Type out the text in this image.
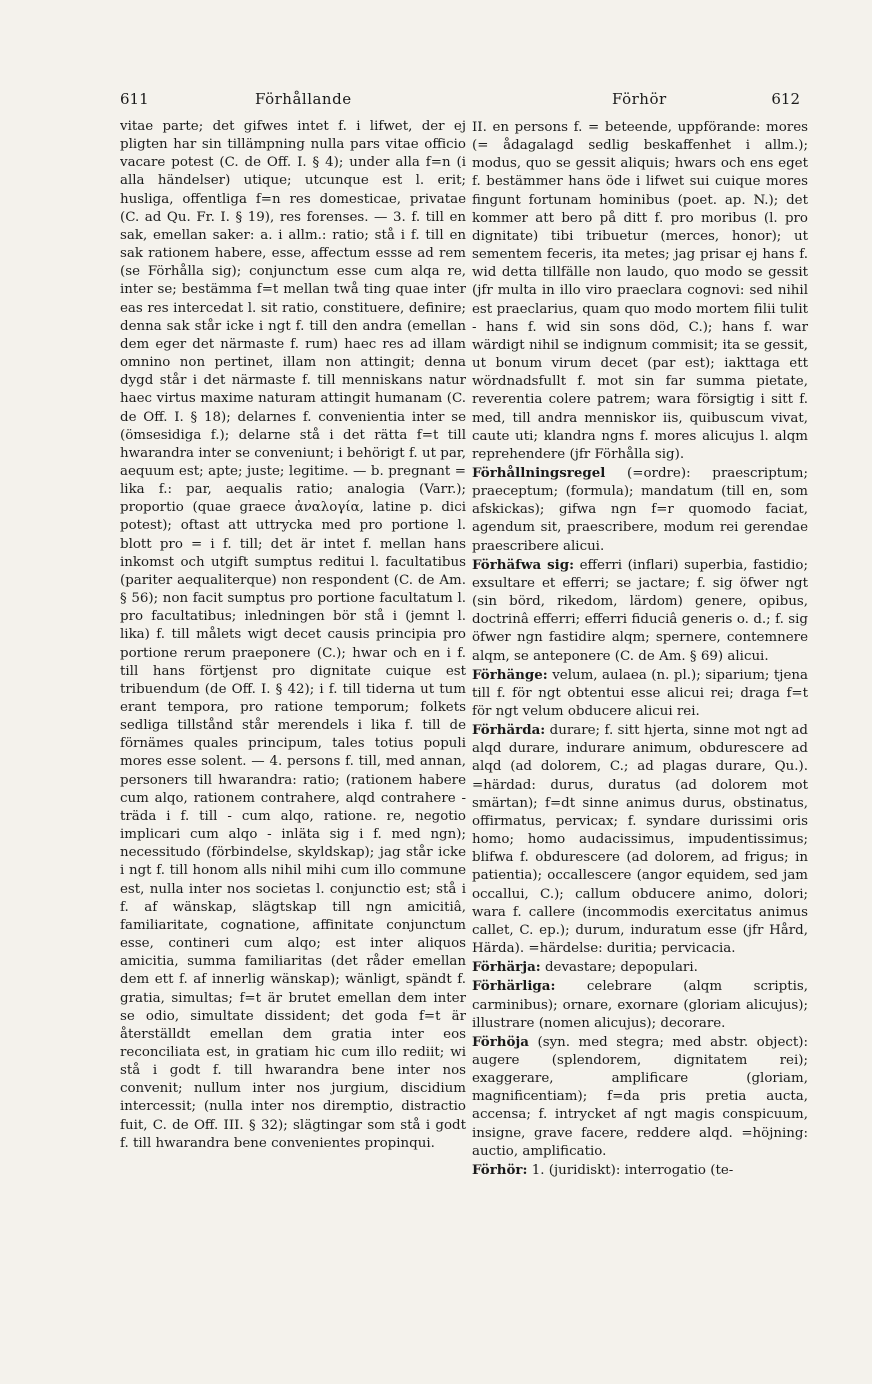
611	Förhållande	Förhör	612

vitae parte; det gifwes intet f. i lifwet, der ej pligten har sin tillämpning nulla pars vitae officio vacare potest (C. de Off. I. § 4); under alla f=n (i alla händelser) utique; utcunque est l. erit; husliga, offentliga f=n res domesticae, privatae (C. ad Qu. Fr. I. § 19), res forenses. — 3. f. till en sak, emellan saker: a. i allm.: ratio; stå i f. till en sak rationem habere, esse, affectum essse ad rem (se Förhålla sig); conjunctum esse cum alqa re, inter se; bestämma f=t mellan twå ting quae inter eas res intercedat l. sit ratio, constituere, definire; denna sak står icke i ngt f. till den andra (emellan dem eger det närmaste f. rum) haec res ad illam omnino non pertinet, illam non attingit; denna dygd står i det närmaste f. till menniskans natur haec virtus maxime naturam attingit humanam (C. de Off. I. § 18); delarnes f. convenientia inter se (ömsesidiga f.); delarne stå i det rätta f=t till hwarandra inter se conveniunt; i behörigt f. ut par, aequum est; apte; juste; legitime. — b. pregnant = lika f.: par, aequalis ratio; analogia (Varr.); proportio (quae graece ἀναλογία, latine p. dici potest); oftast att uttrycka med pro portione l. blott pro = i f. till; det är intet f. mellan hans inkomst och utgift sumptus reditui l. facultatibus (pariter aequaliterque) non respondent (C. de Am. § 56); non facit sumptus pro portione facultatum l. pro facultatibus; inledningen bör stå i (jemnt l. lika) f. till målets wigt decet causis principia pro portione rerum praeponere (C.); hwar och en i f. till hans förtjenst pro dignitate cuique est tribuendum (de Off. I. § 42); i f. till tiderna ut tum erant tempora, pro ratione temporum; folkets sedliga tillstånd står merendels i lika f. till de förnämes quales principum, tales totius populi mores esse solent. — 4. persons f. till, med annan, personers till hwarandra: ratio; (rationem habere cum alqo, rationem contrahere, alqd contrahere - träda i f. till - cum alqo, ratione. re, negotio implicari cum alqo - inläta sig i f. med ngn); necessitudo (förbindelse, skyldskap); jag står icke i ngt f. till honom alls nihil mihi cum illo commune est, nulla inter nos societas l. conjunctio est; stå i f. af wänskap, slägtskap till ngn amicitiâ, familiaritate, cognatione, affinitate conjunctum esse, contineri cum alqo; est inter aliquos amicitia, summa familiaritas (det råder emellan dem ett f. af innerlig wänskap); wänligt, spändt f. gratia, simultas; f=t är brutet emellan dem inter se odio, simultate dissident; det goda f=t är återställdt emellan dem gratia inter eos reconciliata est, in gratiam hic cum illo rediit; wi stå i godt f. till hwarandra bene inter nos convenit; nullum inter nos jurgium, discidium intercessit; (nulla inter nos diremptio, distractio fuit, C. de Off. III. § 32); slägtingar som stå i godt f. till hwarandra bene convenientes propinqui.

II. en persons f. = beteende, uppförande: mores (= ådagalagd sedlig beskaffenhet i allm.); modus, quo se gessit aliquis; hwars och ens eget f. bestämmer hans öde i lifwet sui cuique mores fingunt fortunam hominibus (poet. ap. N.); det kommer att bero på ditt f. pro moribus (l. pro dignitate) tibi tribuetur (merces, honor); ut sementem feceris, ita metes; jag prisar ej hans f. wid detta tillfälle non laudo, quo modo se gessit (jfr multa in illo viro praeclara cognovi: sed nihil est praeclarius, quam quo modo mortem filii tulit - hans f. wid sin sons död, C.); hans f. war wärdigt nihil se indignum commisit; ita se gessit, ut bonum virum decet (par est); iakttaga ett wördnadsfullt f. mot sin far summa pietate, reverentia colere patrem; wara försigtig i sitt f. med, till andra menniskor iis, quibuscum vivat, caute uti; klandra ngns f. mores alicujus l. alqm reprehendere (jfr Förhålla sig).

Förhållningsregel (=ordre): praescriptum; praeceptum; (formula); mandatum (till en, som afskickas); gifwa ngn f=r quomodo faciat, agendum sit, praescribere, modum rei gerendae praescribere alicui.

Förhäfwa sig: efferri (inflari) superbia, fastidio; exsultare et efferri; se jactare; f. sig öfwer ngt (sin börd, rikedom, lärdom) genere, opibus, doctrinâ efferri; efferri fiduciâ generis o. d.; f. sig öfwer ngn fastidire alqm; spernere, contemnere alqm, se anteponere (C. de Am. § 69) alicui.

Förhänge: velum, aulaea (n. pl.); siparium; tjena till f. för ngt obtentui esse alicui rei; draga f=t för ngt velum obducere alicui rei.

Förhärda: durare; f. sitt hjerta, sinne mot ngt ad alqd durare, indurare animum, obdurescere ad alqd (ad dolorem, C.; ad plagas durare, Qu.). =härdad: durus, duratus (ad dolorem mot smärtan); f=dt sinne animus durus, obstinatus, offirmatus, pervicax; f. syndare durissimi oris homo; homo audacissimus, impudentissimus; blifwa f. obdurescere (ad dolorem, ad frigus; in patientia); occallescere (angor equidem, sed jam occallui, C.); callum obducere animo, dolori; wara f. callere (incommodis exercitatus animus callet, C. ep.); durum, induratum esse (jfr Hård, Härda). =härdelse: duritia; pervicacia.

Förhärja: devastare; depopulari.

Förhärliga: celebrare (alqm scriptis, carminibus); ornare, exornare (gloriam alicujus); illustrare (nomen alicujus); decorare.

Förhöja (syn. med stegra; med abstr. object): augere (splendorem, dignitatem rei); exaggerare, amplificare (gloriam, magnificentiam); f=da pris pretia aucta, accensa; f. intrycket af ngt magis conspicuum, insigne, grave facere, reddere alqd. =höjning: auctio, amplificatio.

Förhör: 1. (juridiskt): interrogatio (te-
